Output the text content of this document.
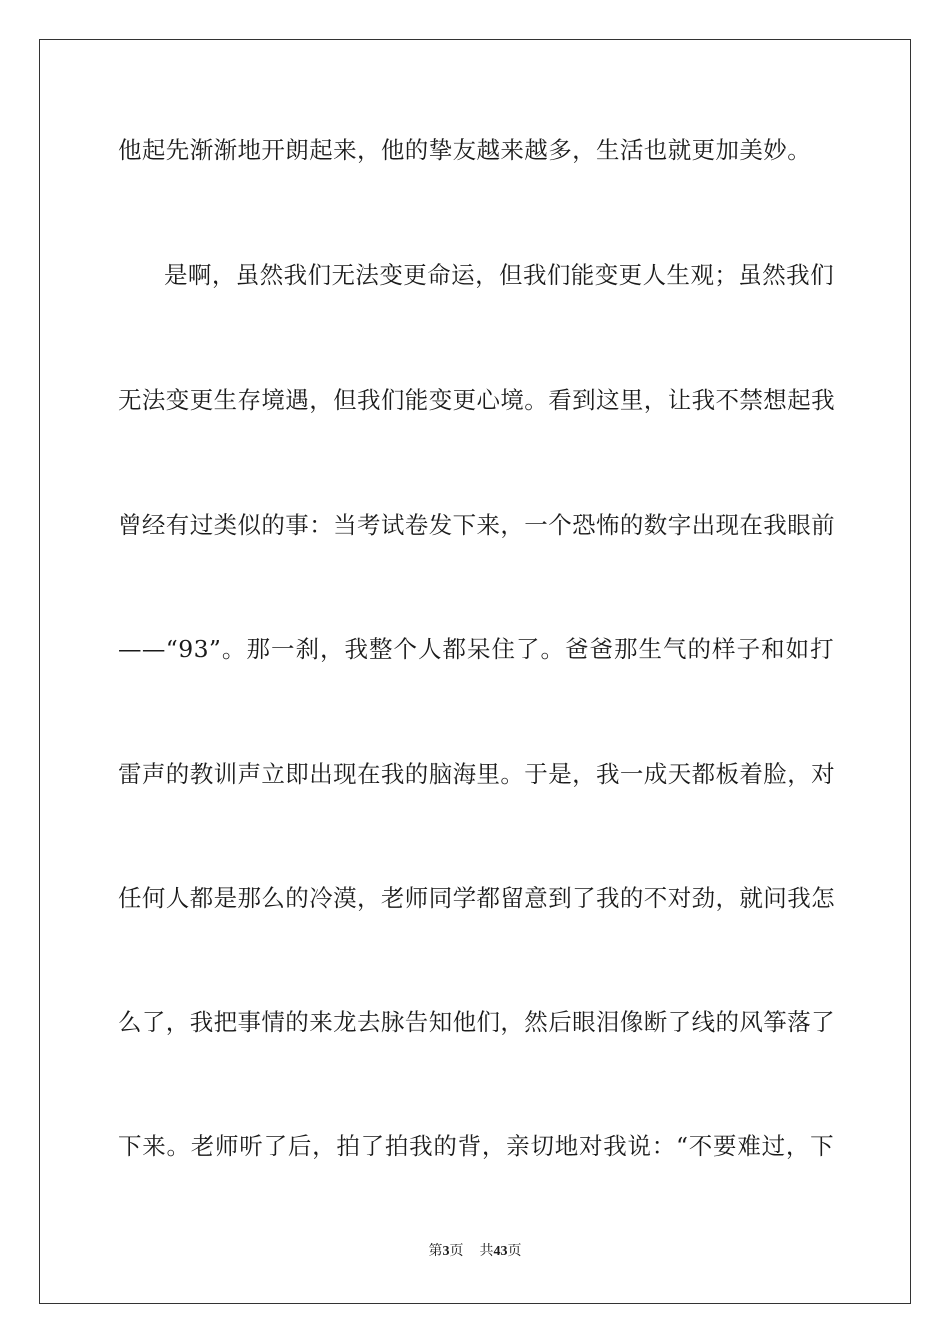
他起先渐渐地开朗起来，他的挚友越来越多，生活也就更加美妙。
是啊，虽然我们无法变更命运，但我们能变更人生观；虽然我们
无法变更生存境遇，但我们能变更心境。看到这里，让我不禁想起我
曾经有过类似的事：当考试卷发下来，一个恐怖的数字出现在我眼前
——“93”。那一刹，我整个人都呆住了。爸爸那生气的样子和如打
雷声的教训声立即出现在我的脑海里。于是，我一成天都板着脸，对
任何人都是那么的冷漠，老师同学都留意到了我的不对劲，就问我怎
么了，我把事情的来龙去脉告知他们，然后眼泪像断了线的风筝落了
下来。老师听了后，拍了拍我的背，亲切地对我说：“不要难过，下
第3页 共43页
